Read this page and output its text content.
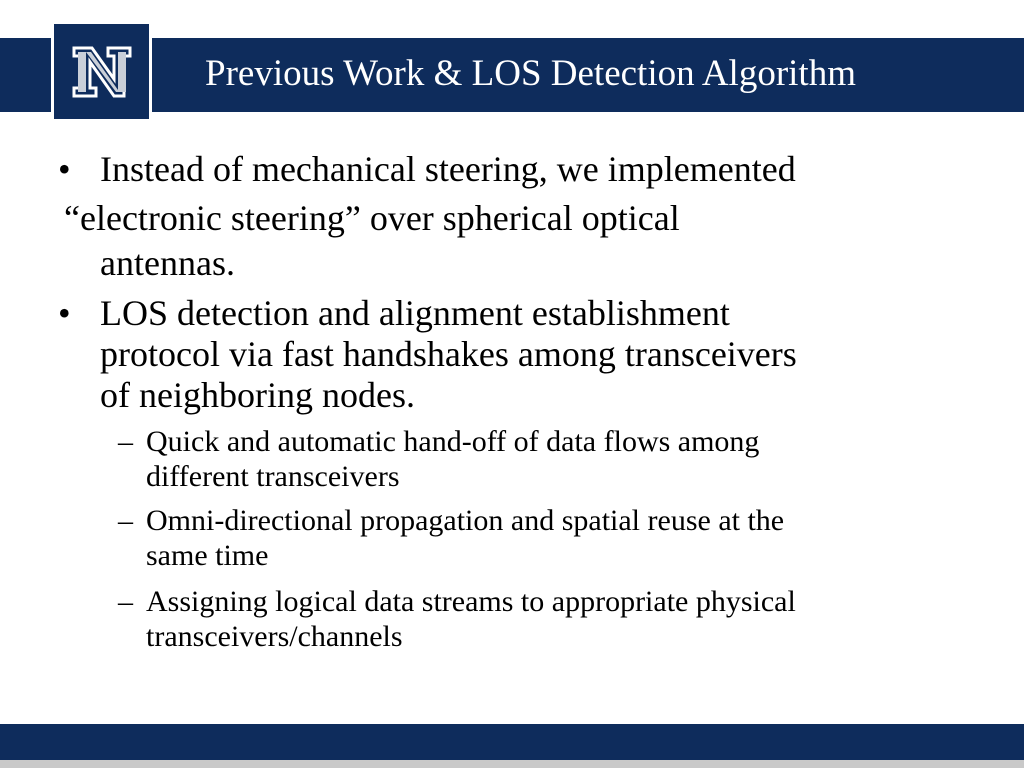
Previous Work & LOS Detection Algorithm
• Instead of mechanical steering, we implemented
“electronic steering” over spherical optical
antennas.
• LOS detection and alignment establishment
protocol via fast handshakes among transceivers
of neighboring nodes.
– Quick and automatic hand-off of data flows among
different transceivers
– Omni-directional propagation and spatial reuse at the
same time
– Assigning logical data streams to appropriate physical
transceivers/channels
